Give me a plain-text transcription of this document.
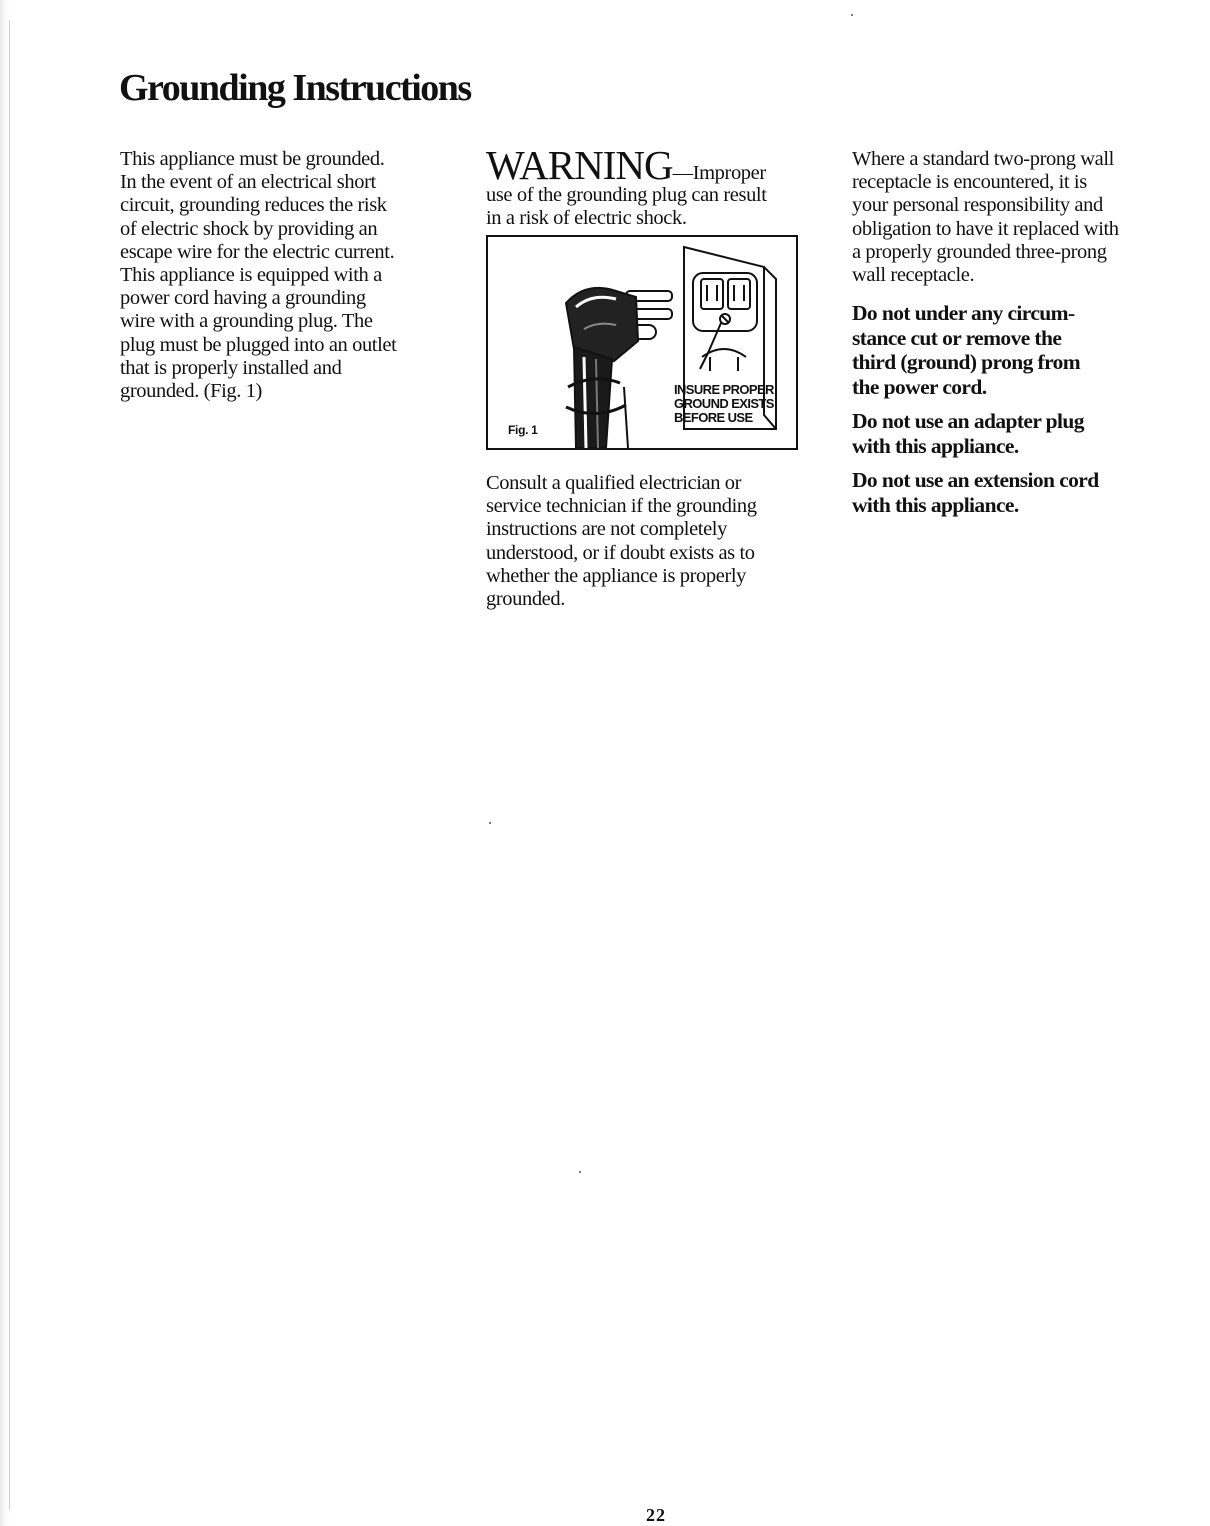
Grounding Instructions

This appliance must be grounded.
In the event of an electrical short
circuit, grounding reduces the risk
of electric shock by providing an
escape wire for the electric current.
This appliance is equipped with a
power cord having a grounding
wire with a grounding plug. The
plug must be plugged into an outlet
that is properly installed and
grounded. (Fig. 1)

WARNING—Improper

use of the grounding plug can result
in a risk of electric shock.

Fig. 1
INSURE PROPER
GROUND EXISTS
BEFORE USE

Consult a qualified electrician or
service technician if the grounding
instructions are not completely
understood, or if doubt exists as to
whether the appliance is properly
grounded.

Where a standard two-prong wall
receptacle is encountered, it is
your personal responsibility and
obligation to have it replaced with
a properly grounded three-prong
wall receptacle.

Do not under any circum-
stance cut or remove the
third (ground) prong from
the power cord.

Do not use an adapter plug
with this appliance.

Do not use an extension cord
with this appliance.

22
